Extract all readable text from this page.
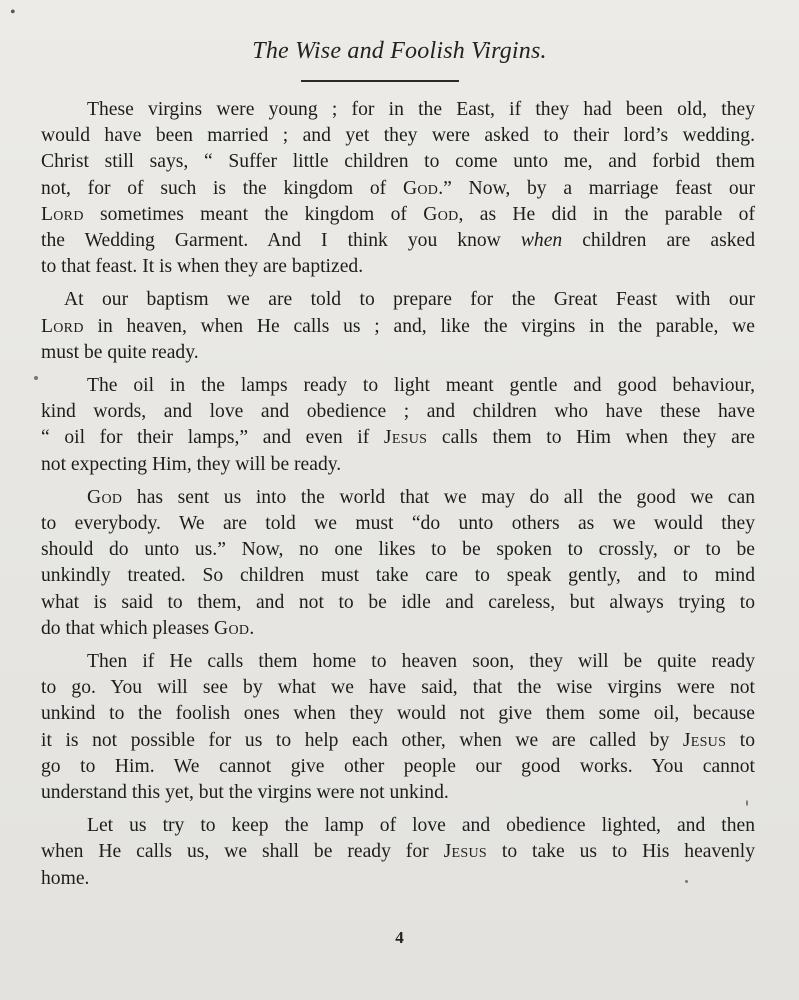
•
The Wise and Foolish Virgins.

These virgins were young ; for in the East, if they had been old, they
would have been married ; and yet they were asked to their lord’s wedding.
Christ still says, “ Suffer little children to come unto me, and forbid them
not, for of such is the kingdom of God.” Now, by a marriage feast our
Lord sometimes meant the kingdom of God, as He did in the parable of
the Wedding Garment. And I think you know when children are asked
to that feast. It is when they are baptized.

At our baptism we are told to prepare for the Great Feast with our
Lord in heaven, when He calls us ; and, like the virgins in the parable, we
must be quite ready.

The oil in the lamps ready to light meant gentle and good behaviour,
kind words, and love and obedience ; and children who have these have
“ oil for their lamps,” and even if Jesus calls them to Him when they are
not expecting Him, they will be ready.

God has sent us into the world that we may do all the good we can
to everybody. We are told we must “do unto others as we would they
should do unto us.” Now, no one likes to be spoken to crossly, or to be
unkindly treated. So children must take care to speak gently, and to mind
what is said to them, and not to be idle and careless, but always trying to
do that which pleases God.

Then if He calls them home to heaven soon, they will be quite ready
to go. You will see by what we have said, that the wise virgins were not
unkind to the foolish ones when they would not give them some oil, because
it is not possible for us to help each other, when we are called by Jesus to
go to Him. We cannot give other people our good works. You cannot
understand this yet, but the virgins were not unkind.

Let us try to keep the lamp of love and obedience lighted, and then
when He calls us, we shall be ready for Jesus to take us to His heavenly
home.

4
